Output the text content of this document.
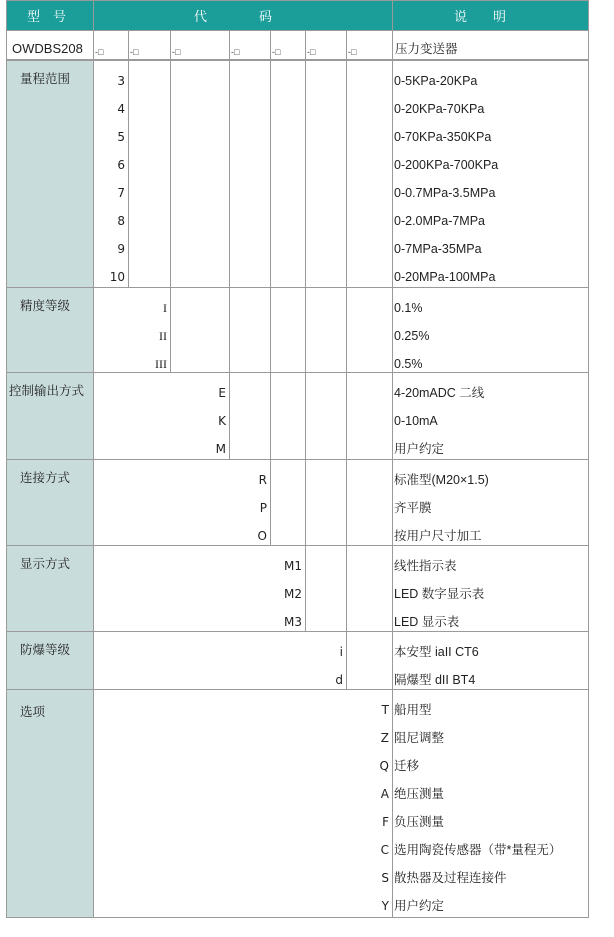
型　号	代　　　　码	说　　明
OWDBS208 -□	-□	-□	-□	-□	-□	-□	压力变送器
量程范围	3	0-5KPa-20KPa
4	0-20KPa-70KPa
5	0-70KPa-350KPa
6	0-200KPa-700KPa
7	0-0.7MPa-3.5MPa
8	0-2.0MPa-7MPa
9	0-7MPa-35MPa
10	0-20MPa-100MPa
精度等级	I	0.1%
II	0.25%
III	0.5%
控制输出方式	E	4-20mADC 二线
K	0-10mA
M	用户约定
连接方式	R	标准型(M20×1.5)
P	齐平膜
O	按用户尺寸加工
显示方式	M1	线性指示表
M2	LED 数字显示表
M3	LED 显示表
防爆等级	i	本安型 iaII CT6
d	隔爆型 dII BT4
选项	T 船用型
Z 阻尼调整
Q 迁移
A 绝压测量
F 负压测量
C 选用陶瓷传感器（带*量程无）
S 散热器及过程连接件
Y 用户约定
